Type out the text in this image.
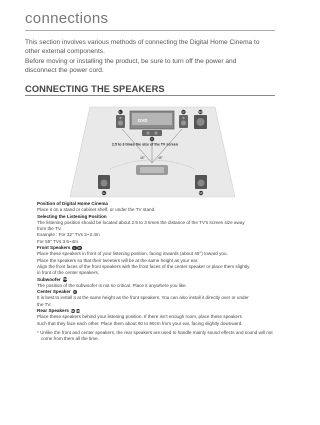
connections
This section involves various methods of connecting the Digital Home Cinema to
other external components.
Before moving or installing the product, be sure to turn off the power and
disconnect the power cord.
CONNECTING THE SPEAKERS
DVD
2.5 to 3 times the size of the TV screen
45°	45°
L
C
R	SW
SL	SR
Position of Digital Home Cinema
Place it on a stand or cabinet shelf, or under the TV stand.
Selecting the Listening Position
The listening position should be located about 2.5 to 3 times the distance of the TV's screen size away
from the TV.
Example : For 32" TVs 2~2.4m
For 55" TVs 3.5~4m
Front Speakers L R
Place these speakers in front of your listening position, facing inwards (about 45°) toward you.
Place the speakers so that their tweeters will be at the same height as your ear.
Align the front faces of the front speakers with the front faces of the center speaker or place them slightly
in front of the center speakers.
Subwoofer SW
The position of the subwoofer is not so critical. Place it anywhere you like.
Center Speaker C
It is best to install it at the same height as the front speakers. You can also install it directly over or under
the TV.
Rear Speakers SLSR
Place these speakers behind your listening position. If there isn't enough room, place these speakers
such that they face each other. Place them about 60 to 90cm from your ear, facing slightly downward.
* Unlike the front and center speakers, the rear speakers are used to handle mainly sound effects and sound will not come from them all the time.
